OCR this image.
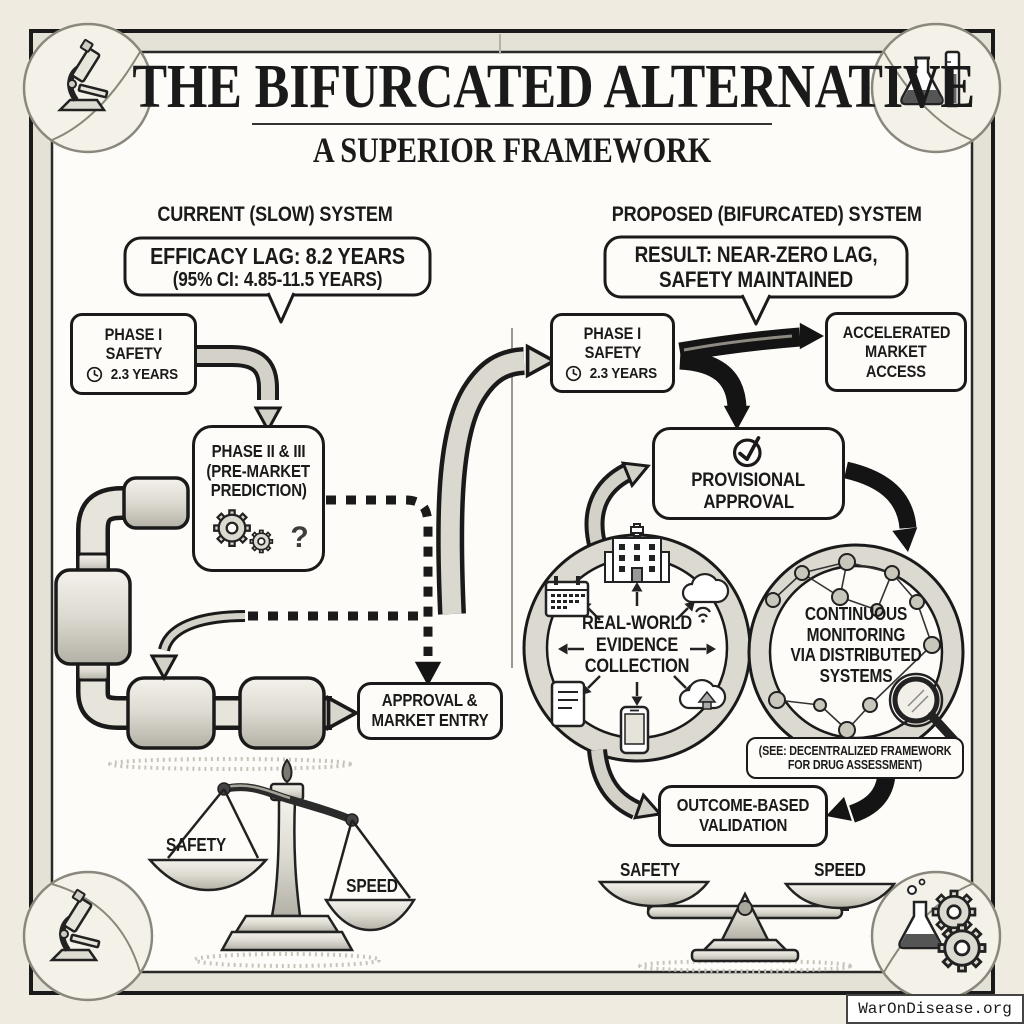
THE BIFURCATED ALTERNATIVE
A SUPERIOR FRAMEWORK
CURRENT (SLOW) SYSTEM	PROPOSED (BIFURCATED) SYSTEM
EFFICACY LAG: 8.2 YEARS
(95% CI: 4.85-11.5 YEARS)
RESULT: NEAR-ZERO LAG,
SAFETY MAINTAINED
PHASE I
SAFETY
2.3 YEARS
PHASE II & III
(PRE-MARKET
PREDICTION)
?
APPROVAL &
MARKET ENTRY
PHASE I
SAFETY
2.3 YEARS
ACCELERATED
MARKET
ACCESS
PROVISIONAL
APPROVAL
REAL-WORLD
EVIDENCE
COLLECTION
CONTINUOUS
MONITORING
VIA DISTRIBUTED
SYSTEMS
(SEE: DECENTRALIZED FRAMEWORK
FOR DRUG ASSESSMENT)
OUTCOME-BASED
VALIDATION
SAFETY
SPEED
SAFETY	SPEED
WarOnDisease.org
